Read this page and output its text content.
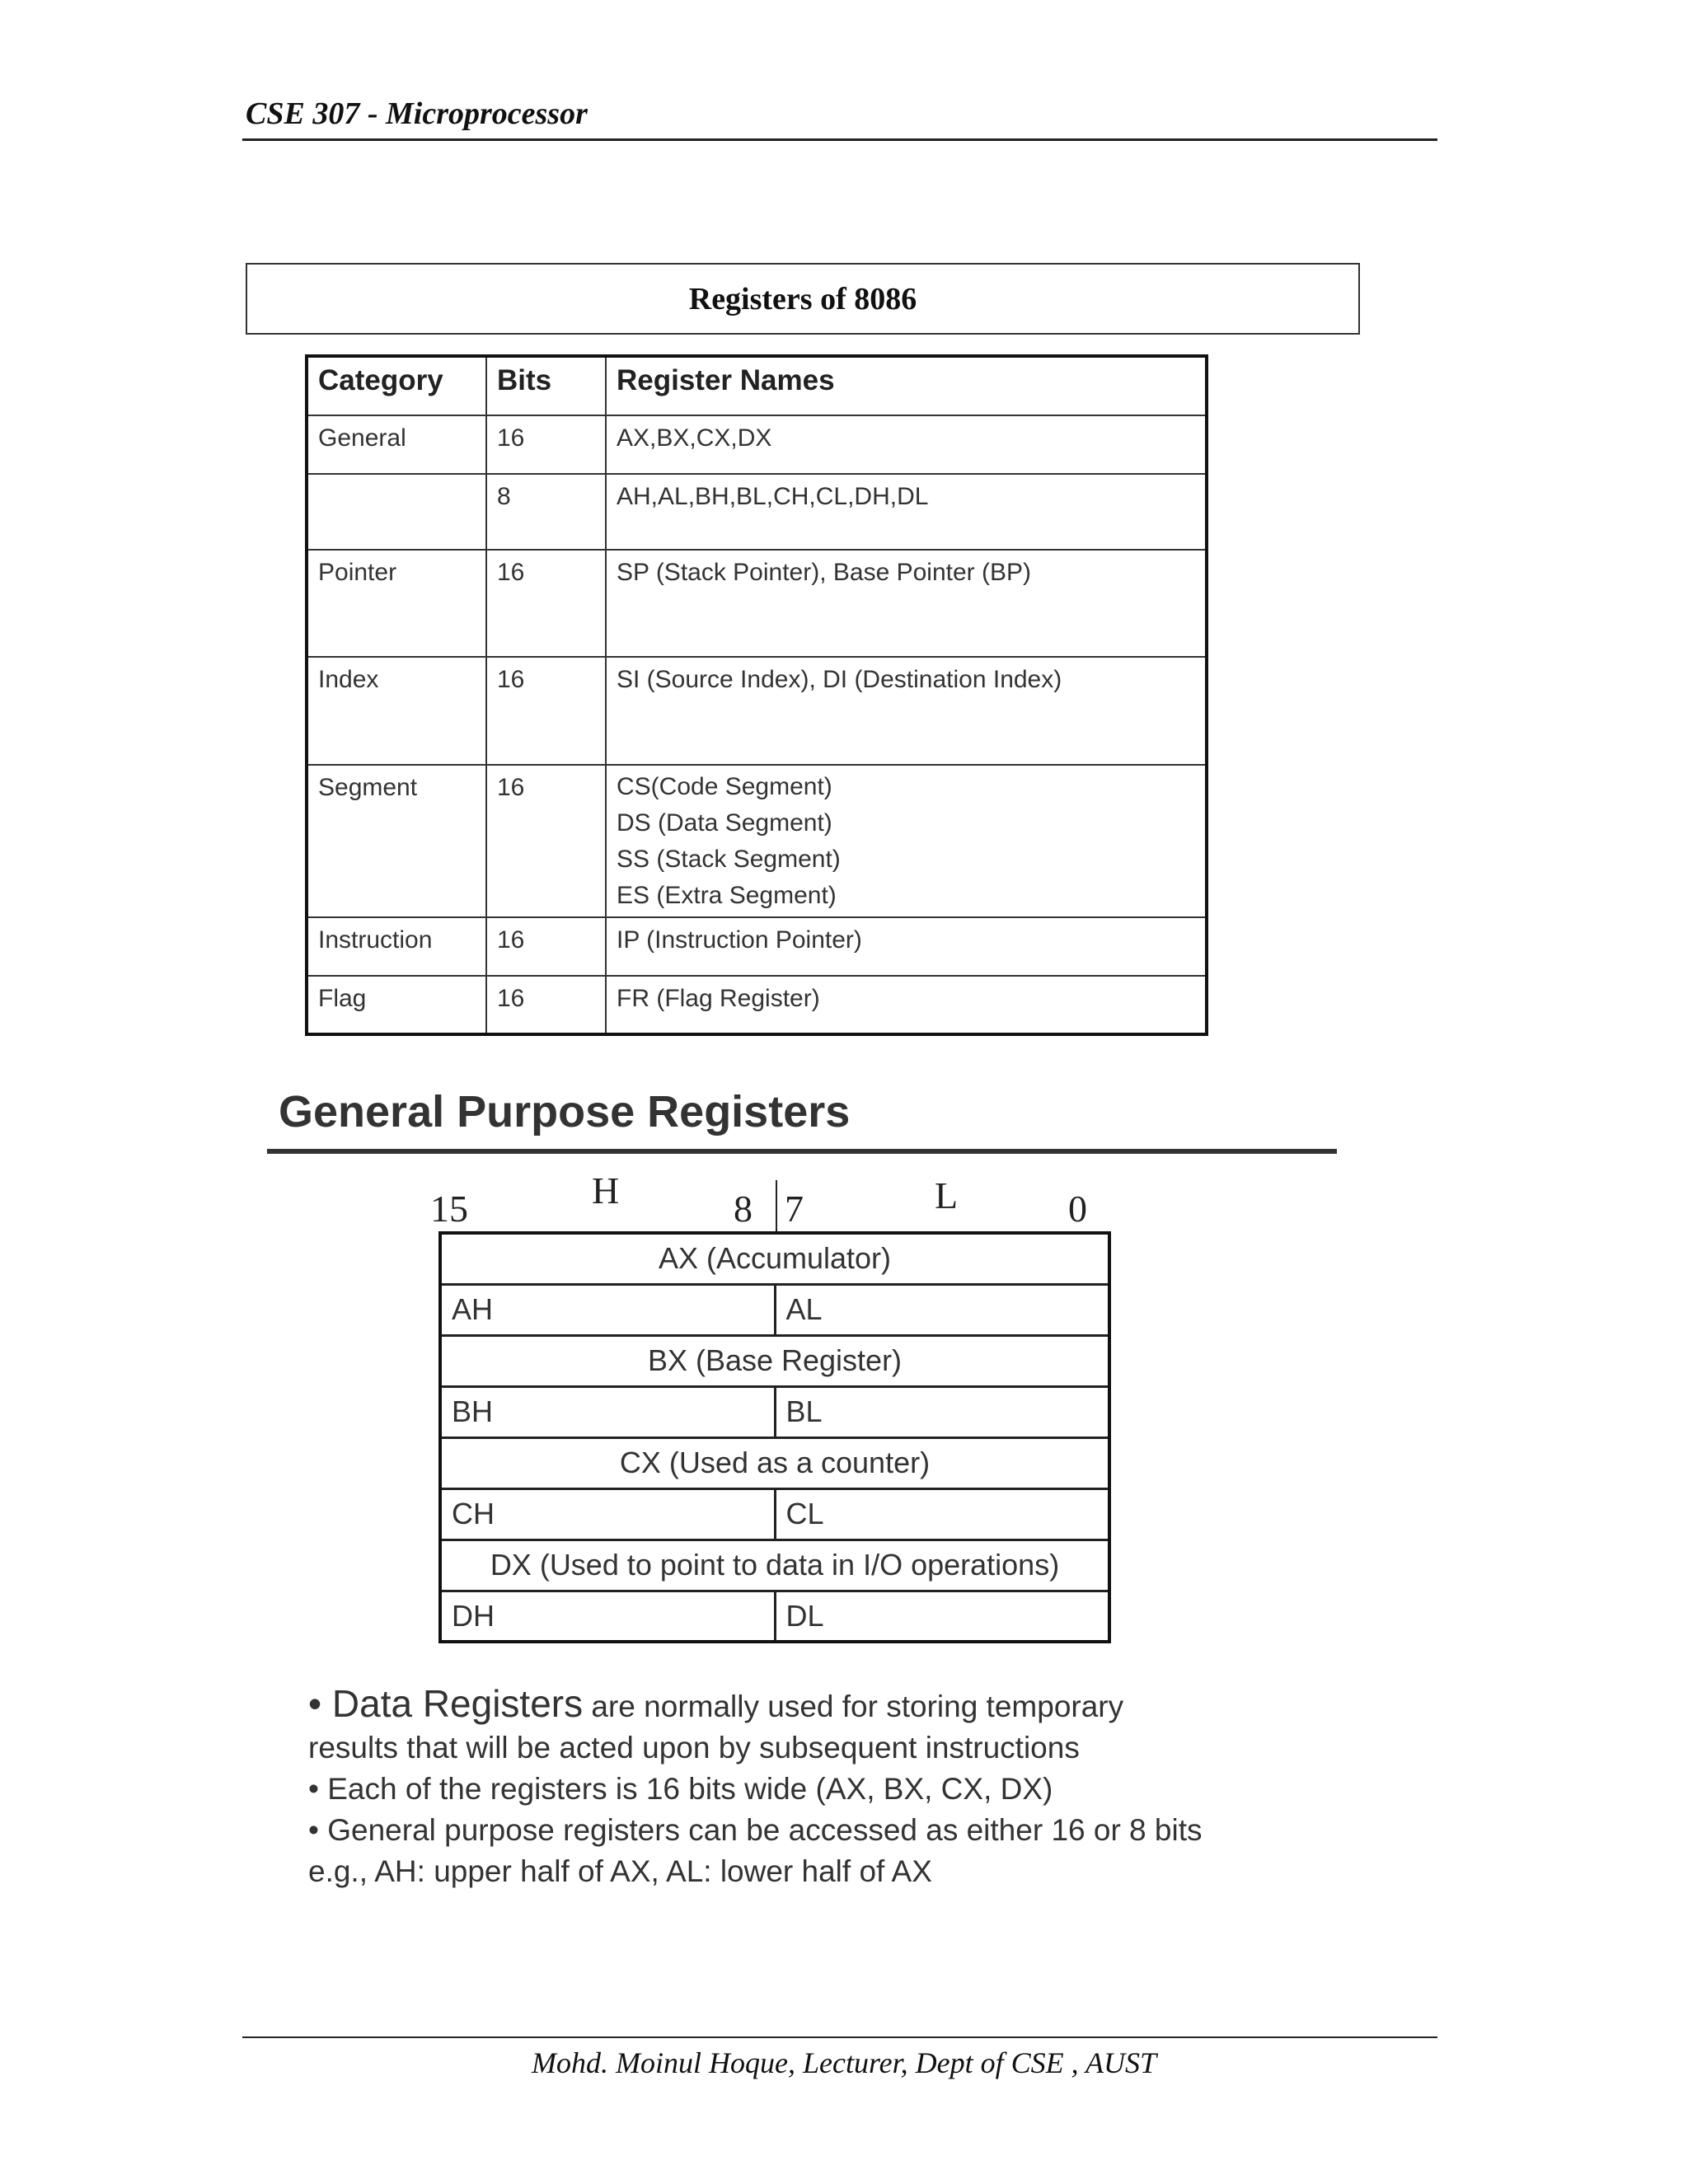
CSE 307 - Microprocessor
Registers of 8086
Category	Bits	Register Names
General	16	AX,BX,CX,DX
	8	AH,AL,BH,BL,CH,CL,DH,DL
Pointer	16	SP (Stack Pointer), Base Pointer (BP)
Index	16	SI (Source Index), DI (Destination Index)
Segment	16	CS(Code Segment)
DS (Data Segment)
SS (Stack Segment)
ES (Extra Segment)

Instruction	16	IP (Instruction Pointer)
Flag	16	FR (Flag Register)
General Purpose Registers
15	H	8 7	L	0
AX (Accumulator)	
AH	AL
BX (Base Register)	
BH	BL
CX (Used as a counter)	
CH	CL
DX (Used to point to data in I/O operations)	
DH	DL
• Data Registers are normally used for storing temporary
results that will be acted upon by subsequent instructions
• Each of the registers is 16 bits wide (AX, BX, CX, DX)
• General purpose registers can be accessed as either 16 or 8 bits
e.g., AH: upper half of AX, AL: lower half of AX
Mohd. Moinul Hoque, Lecturer, Dept of CSE , AUST
